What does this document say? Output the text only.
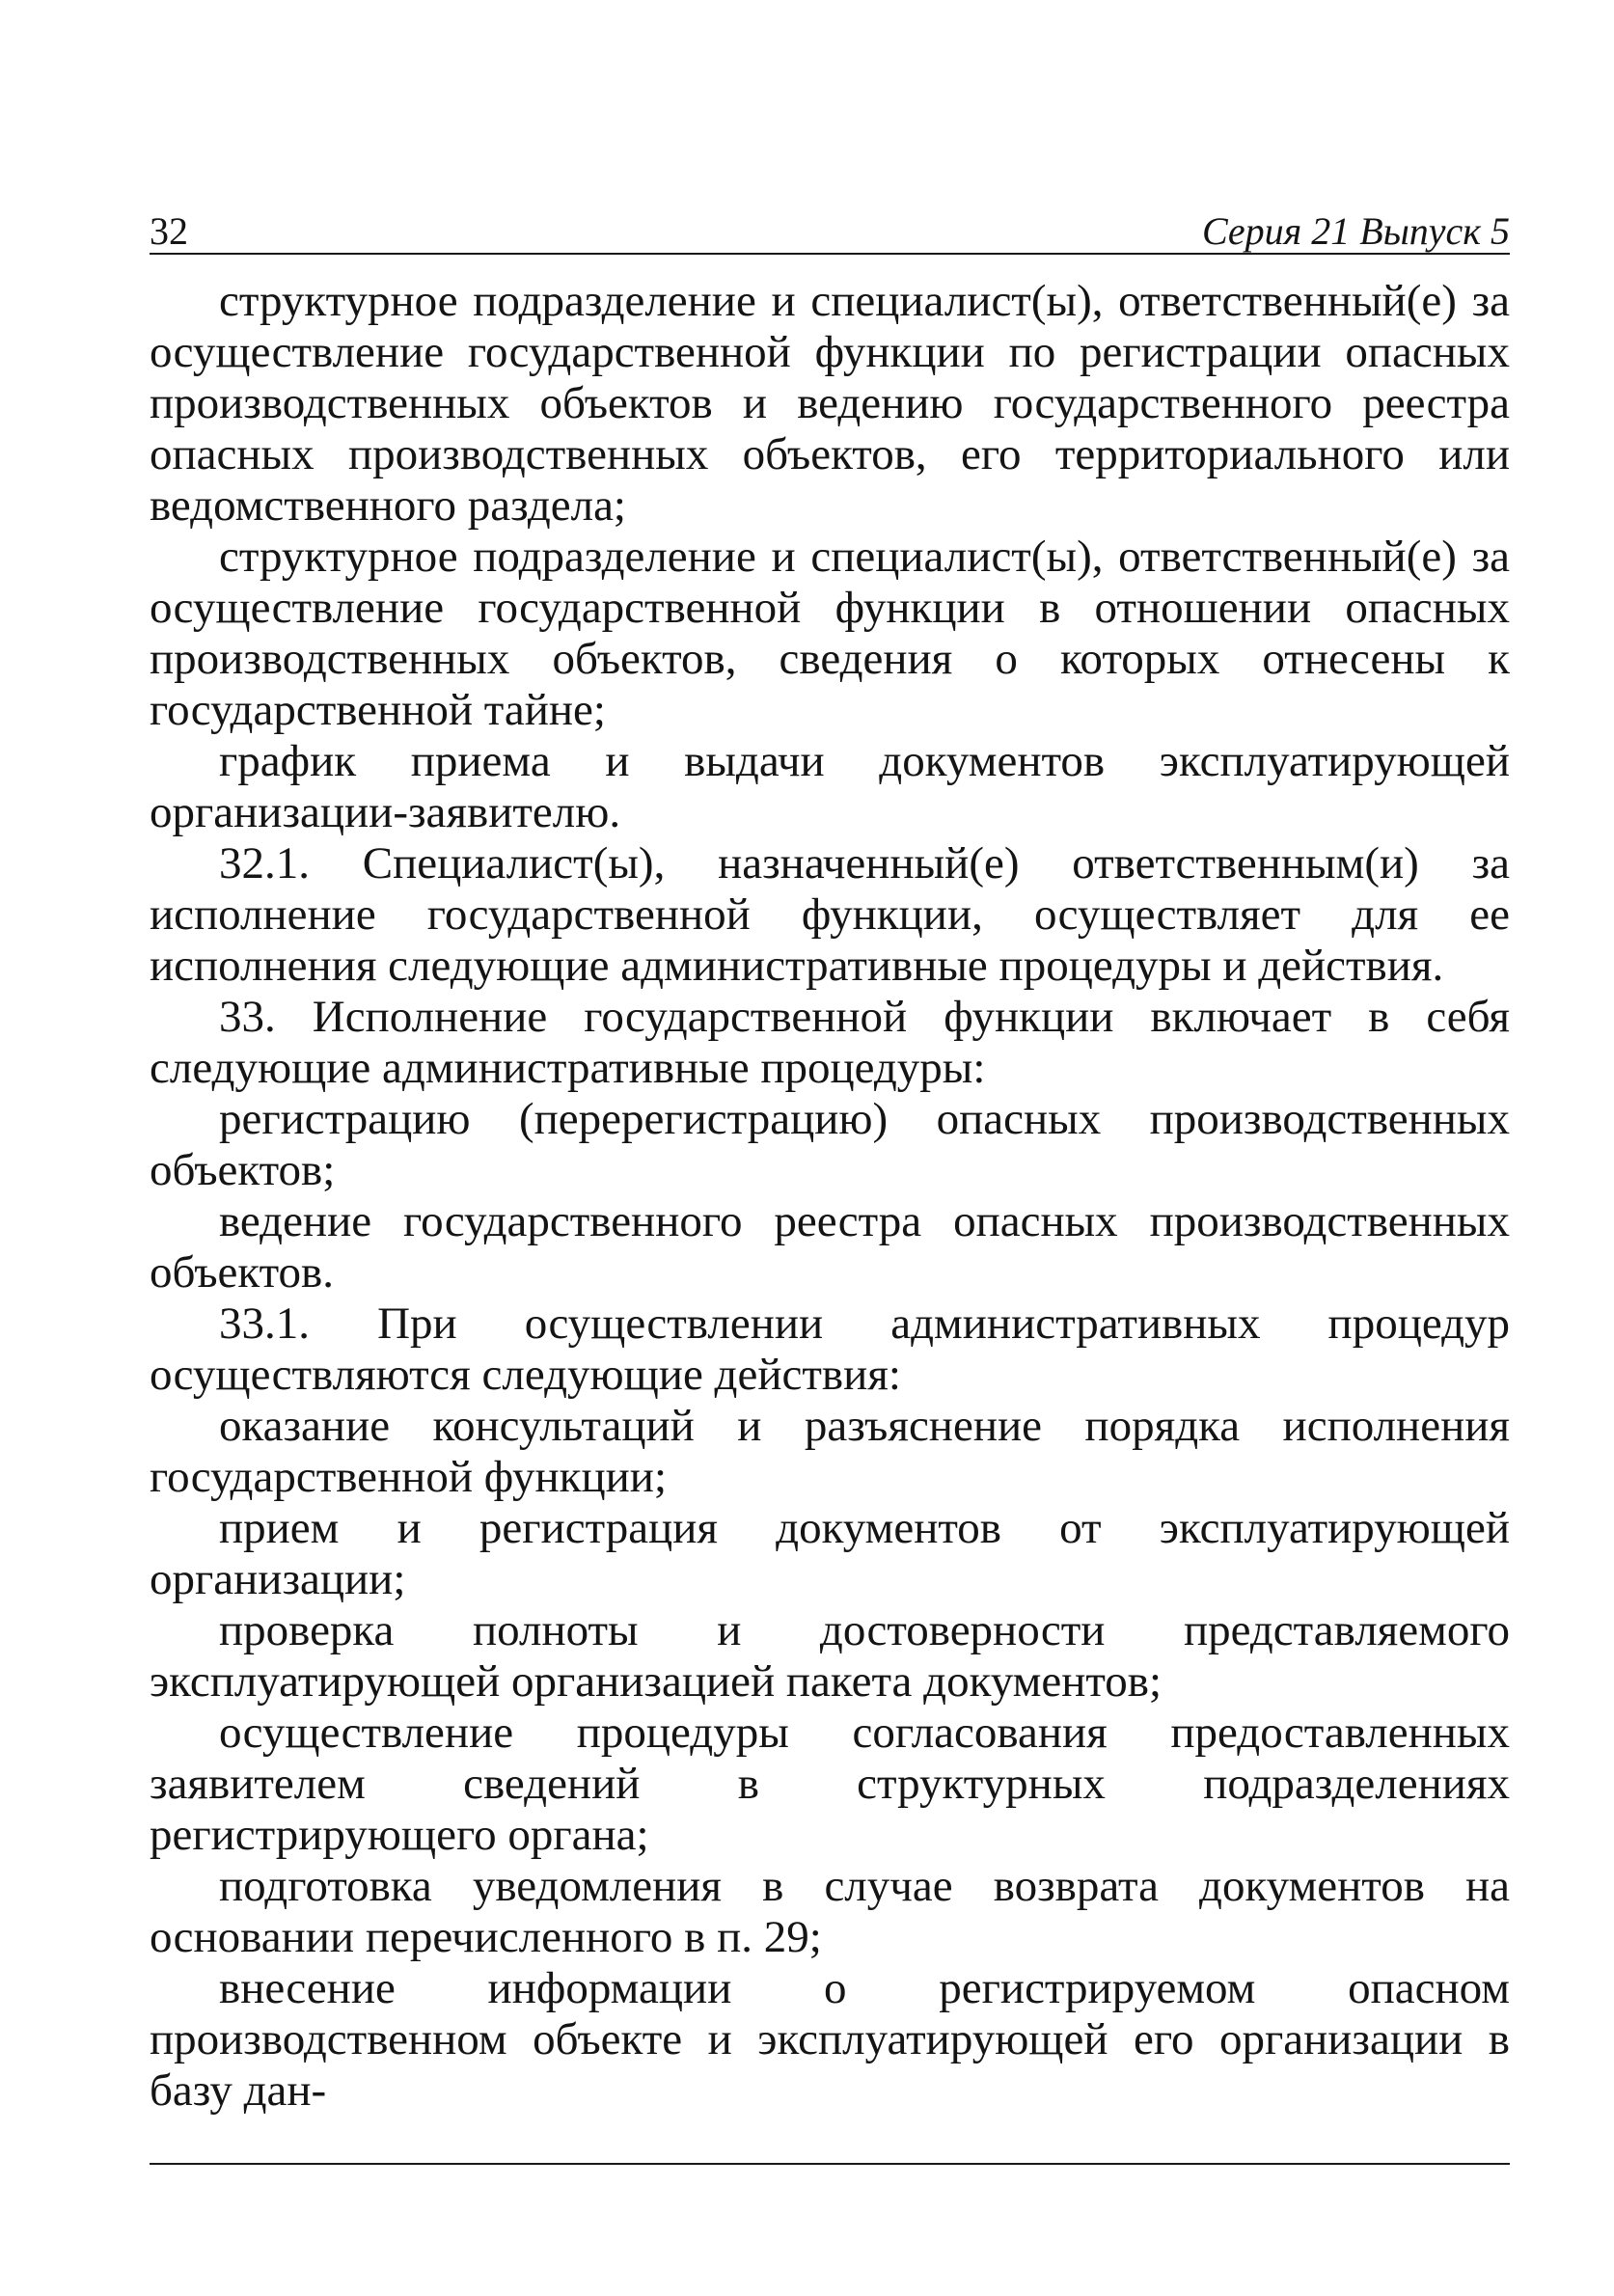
32	Серия 21 Выпуск 5

структурное подразделение и специалист(ы), ответственный(е) за осуществление государственной функции по регистрации опасных производственных объектов и ведению государственного реестра опасных производственных объектов, его территориального или ведомственного раздела;

структурное подразделение и специалист(ы), ответственный(е) за осуществление государственной функции в отношении опасных производственных объектов, сведения о которых отнесены к государственной тайне;

график приема и выдачи документов эксплуатирующей организации-заявителю.

32.1. Специалист(ы), назначенный(е) ответственным(и) за исполнение государственной функции, осуществляет для ее исполнения следующие административные процедуры и действия.

33. Исполнение государственной функции включает в себя следующие административные процедуры:

регистрацию (перерегистрацию) опасных производственных объектов;

ведение государственного реестра опасных производственных объектов.

33.1. При осуществлении административных процедур осуществляются следующие действия:

оказание консультаций и разъяснение порядка исполнения государственной функции;

прием и регистрация документов от эксплуатирующей организации;

проверка полноты и достоверности представляемого эксплуатирующей организацией пакета документов;

осуществление процедуры согласования предоставленных заявителем сведений в структурных подразделениях регистрирующего органа;

подготовка уведомления в случае возврата документов на основании перечисленного в п. 29;

внесение информации о регистрируемом опасном производственном объекте и эксплуатирующей его организации в базу дан-
